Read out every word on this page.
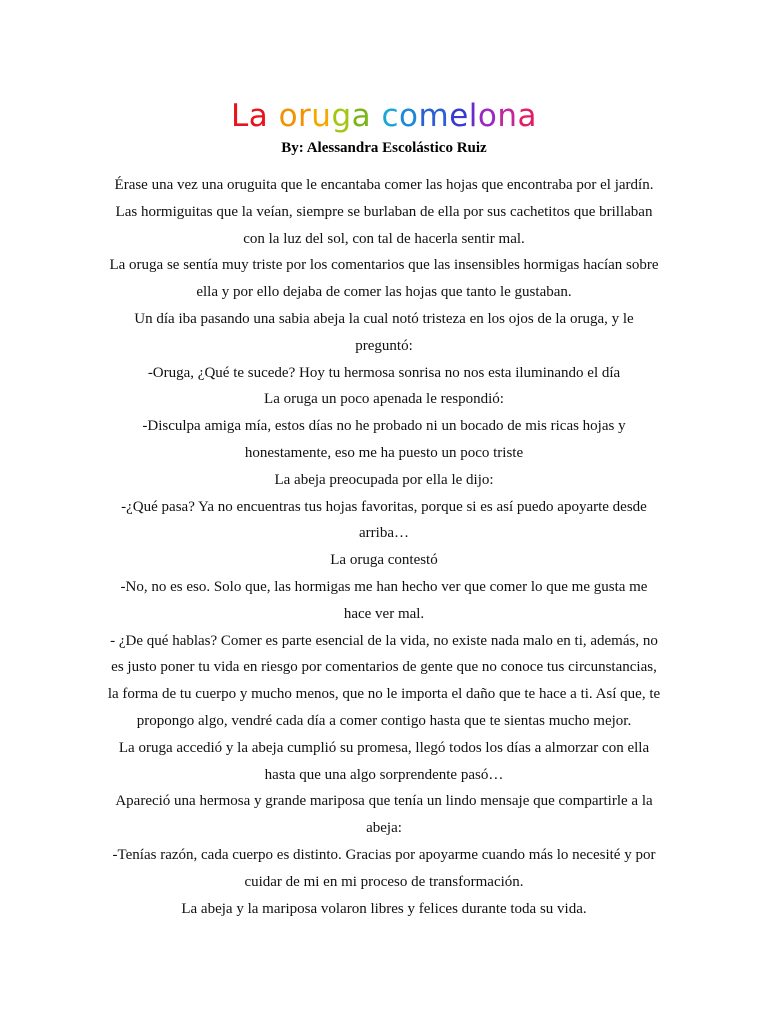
La oruga comelona
By: Alessandra Escolástico Ruiz

Érase una vez una oruguita que le encantaba comer las hojas que encontraba por el jardín. Las hormiguitas que la veían, siempre se burlaban de ella por sus cachetitos que brillaban con la luz del sol, con tal de hacerla sentir mal.

La oruga se sentía muy triste por los comentarios que las insensibles hormigas hacían sobre ella y por ello dejaba de comer las hojas que tanto le gustaban.

Un día iba pasando una sabia abeja la cual notó tristeza en los ojos de la oruga, y le preguntó:

-Oruga, ¿Qué te sucede? Hoy tu hermosa sonrisa no nos esta iluminando el día

La oruga un poco apenada le respondió:

-Disculpa amiga mía, estos días no he probado ni un bocado de mis ricas hojas y honestamente, eso me ha puesto un poco triste

La abeja preocupada por ella le dijo:

-¿Qué pasa? Ya no encuentras tus hojas favoritas, porque si es así puedo apoyarte desde arriba…

La oruga contestó

-No, no es eso. Solo que, las hormigas me han hecho ver que comer lo que me gusta me hace ver mal.

- ¿De qué hablas? Comer es parte esencial de la vida, no existe nada malo en ti, además, no es justo poner tu vida en riesgo por comentarios de gente que no conoce tus circunstancias, la forma de tu cuerpo y mucho menos, que no le importa el daño que te hace a ti. Así que, te propongo algo, vendré cada día a comer contigo hasta que te sientas mucho mejor.

La oruga accedió y la abeja cumplió su promesa, llegó todos los días a almorzar con ella hasta que una algo sorprendente pasó…

Apareció una hermosa y grande mariposa que tenía un lindo mensaje que compartirle a la abeja:

-Tenías razón, cada cuerpo es distinto. Gracias por apoyarme cuando más lo necesité y por cuidar de mi en mi proceso de transformación.

La abeja y la mariposa volaron libres y felices durante toda su vida.
